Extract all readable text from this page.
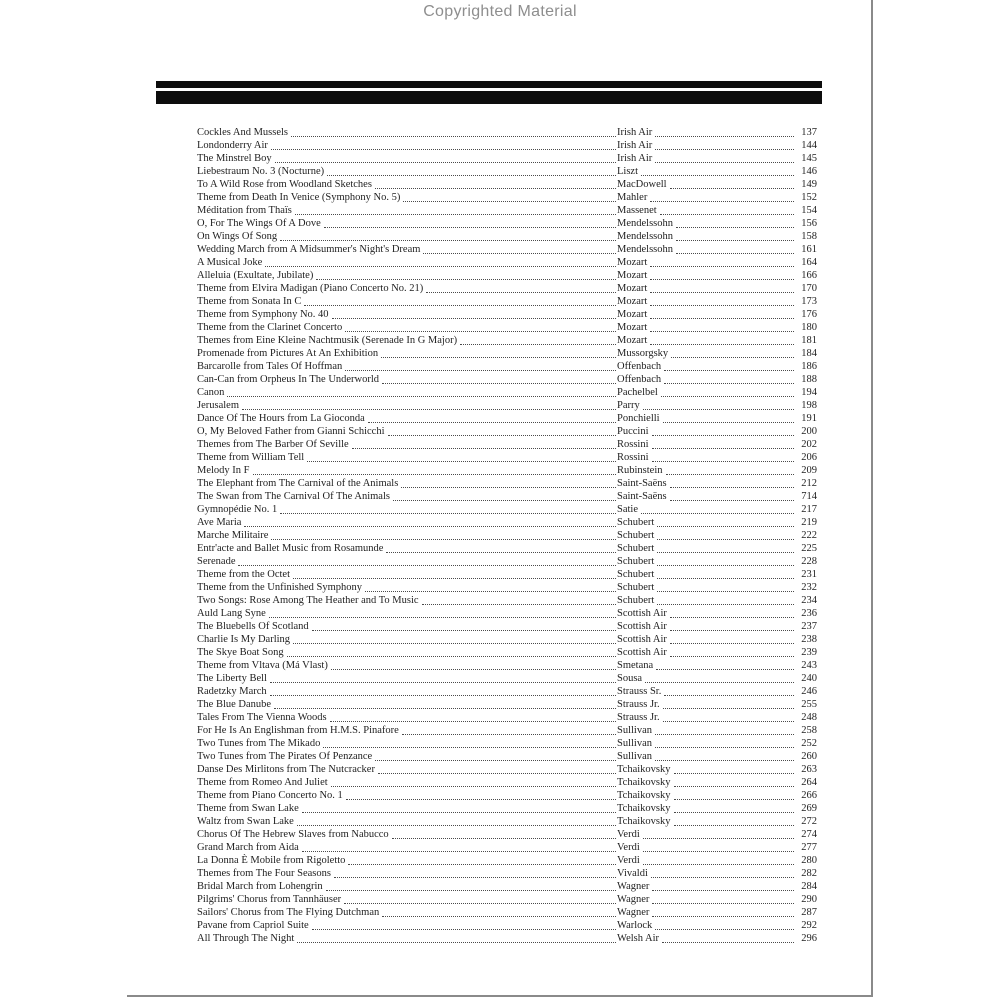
Copyrighted Material
Cockles And Mussels	Irish Air	137
Londonderry Air	Irish Air	144
The Minstrel Boy	Irish Air	145
Liebestraum No. 3 (Nocturne)	Liszt	146
To A Wild Rose from Woodland Sketches	MacDowell	149
Theme from Death In Venice (Symphony No. 5)	Mahler	152
Méditation from Thaïs	Massenet	154
O, For The Wings Of A Dove	Mendelssohn	156
On Wings Of Song	Mendelssohn	158
Wedding March from A Midsummer's Night's Dream	Mendelssohn	161
A Musical Joke	Mozart	164
Alleluia (Exultate, Jubilate)	Mozart	166
Theme from Elvira Madigan (Piano Concerto No. 21)	Mozart	170
Theme from Sonata In C	Mozart	173
Theme from Symphony No. 40	Mozart	176
Theme from the Clarinet Concerto	Mozart	180
Themes from Eine Kleine Nachtmusik (Serenade In G Major)	Mozart	181
Promenade from Pictures At An Exhibition	Mussorgsky	184
Barcarolle from Tales Of Hoffman	Offenbach	186
Can-Can from Orpheus In The Underworld	Offenbach	188
Canon	Pachelbel	194
Jerusalem	Parry	198
Dance Of The Hours from La Gioconda	Ponchielli	191
O, My Beloved Father from Gianni Schicchi	Puccini	200
Themes from The Barber Of Seville	Rossini	202
Theme from William Tell	Rossini	206
Melody In F	Rubinstein	209
The Elephant from The Carnival of the Animals	Saint-Saëns	212
The Swan from The Carnival Of The Animals	Saint-Saëns	714
Gymnopédie No. 1	Satie	217
Ave Maria	Schubert	219
Marche Militaire	Schubert	222
Entr'acte and Ballet Music from Rosamunde	Schubert	225
Serenade	Schubert	228
Theme from the Octet	Schubert	231
Theme from the Unfinished Symphony	Schubert	232
Two Songs: Rose Among The Heather and To Music	Schubert	234
Auld Lang Syne	Scottish Air	236
The Bluebells Of Scotland	Scottish Air	237
Charlie Is My Darling	Scottish Air	238
The Skye Boat Song	Scottish Air	239
Theme from Vltava (Má Vlast)	Smetana	243
The Liberty Bell	Sousa	240
Radetzky March	Strauss Sr.	246
The Blue Danube	Strauss Jr.	255
Tales From The Vienna Woods	Strauss Jr.	248
For He Is An Englishman from H.M.S. Pinafore	Sullivan	258
Two Tunes from The Mikado	Sullivan	252
Two Tunes from The Pirates Of Penzance	Sullivan	260
Danse Des Mirlitons from The Nutcracker	Tchaikovsky	263
Theme from Romeo And Juliet	Tchaikovsky	264
Theme from Piano Concerto No. 1	Tchaikovsky	266
Theme from Swan Lake	Tchaikovsky	269
Waltz from Swan Lake	Tchaikovsky	272
Chorus Of The Hebrew Slaves from Nabucco	Verdi	274
Grand March from Aida	Verdi	277
La Donna È Mobile from Rigoletto	Verdi	280
Themes from The Four Seasons	Vivaldi	282
Bridal March from Lohengrin	Wagner	284
Pilgrims' Chorus from Tannhäuser	Wagner	290
Sailors' Chorus from The Flying Dutchman	Wagner	287
Pavane from Capriol Suite	Warlock	292
All Through The Night	Welsh Air	296
